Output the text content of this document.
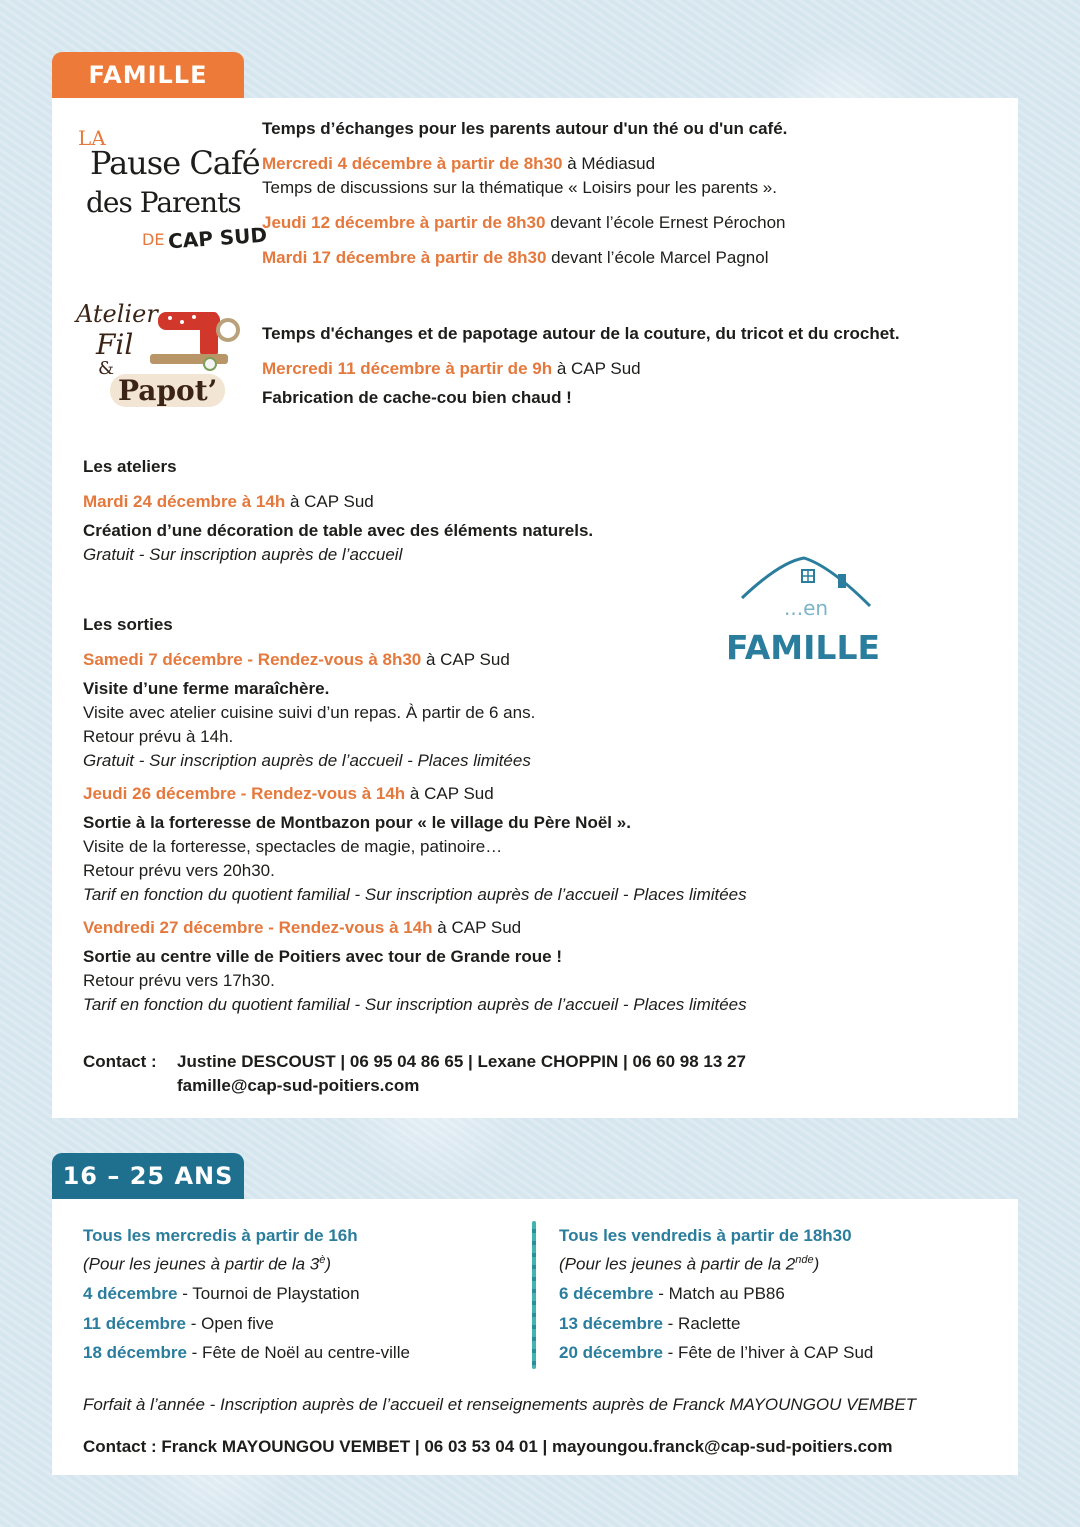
FAMILLE
LA
Pause Café
des Parents
DE CAP SUD
Temps d’échanges pour les parents autour d'un thé ou d'un café.
Mercredi 4 décembre à partir de 8h30 à Médiasud
Temps de discussions sur la thématique « Loisirs pour les parents ».
Jeudi 12 décembre à partir de 8h30 devant l’école Ernest Pérochon
Mardi 17 décembre à partir de 8h30 devant l’école Marcel Pagnol
Atelier
Fil
&
Papot’
Temps d'échanges et de papotage autour de la couture, du tricot et du crochet.
Mercredi 11 décembre à partir de 9h à CAP Sud
Fabrication de cache-cou bien chaud !
Les ateliers
Mardi 24 décembre à 14h à CAP Sud
Création d’une décoration de table avec des éléments naturels.
Gratuit - Sur inscription auprès de l’accueil
...en
FAMILLE
Les sorties
Samedi 7 décembre - Rendez-vous à 8h30 à CAP Sud
Visite d’une ferme maraîchère.
Visite avec atelier cuisine suivi d’un repas. À partir de 6 ans.
Retour prévu à 14h.
Gratuit - Sur inscription auprès de l’accueil - Places limitées
Jeudi 26 décembre - Rendez-vous à 14h à CAP Sud
Sortie à la forteresse de Montbazon pour « le village du Père Noël ».
Visite de la forteresse, spectacles de magie, patinoire…
Retour prévu vers 20h30.
Tarif en fonction du quotient familial - Sur inscription auprès de l’accueil - Places limitées
Vendredi 27 décembre - Rendez-vous à 14h à CAP Sud
Sortie au centre ville de Poitiers avec tour de Grande roue !
Retour prévu vers 17h30.
Tarif en fonction du quotient familial - Sur inscription auprès de l’accueil - Places limitées
Contact : Justine DESCOUST | 06 95 04 86 65 | Lexane CHOPPIN | 06 60 98 13 27
famille@cap-sud-poitiers.com
16 – 25 ANS
Tous les mercredis à partir de 16h
(Pour les jeunes à partir de la $3^è$)
4 décembre - Tournoi de Playstation
11 décembre - Open five
18 décembre - Fête de Noël au centre-ville
Tous les vendredis à partir de 18h30
(Pour les jeunes à partir de la 2nde)
6 décembre - Match au PB86
13 décembre - Raclette
20 décembre - Fête de l’hiver à CAP Sud
Forfait à l’année - Inscription auprès de l’accueil et renseignements auprès de Franck MAYOUNGOU VEMBET
Contact : Franck MAYOUNGOU VEMBET | 06 03 53 04 01 | mayoungou.franck@cap-sud-poitiers.com
